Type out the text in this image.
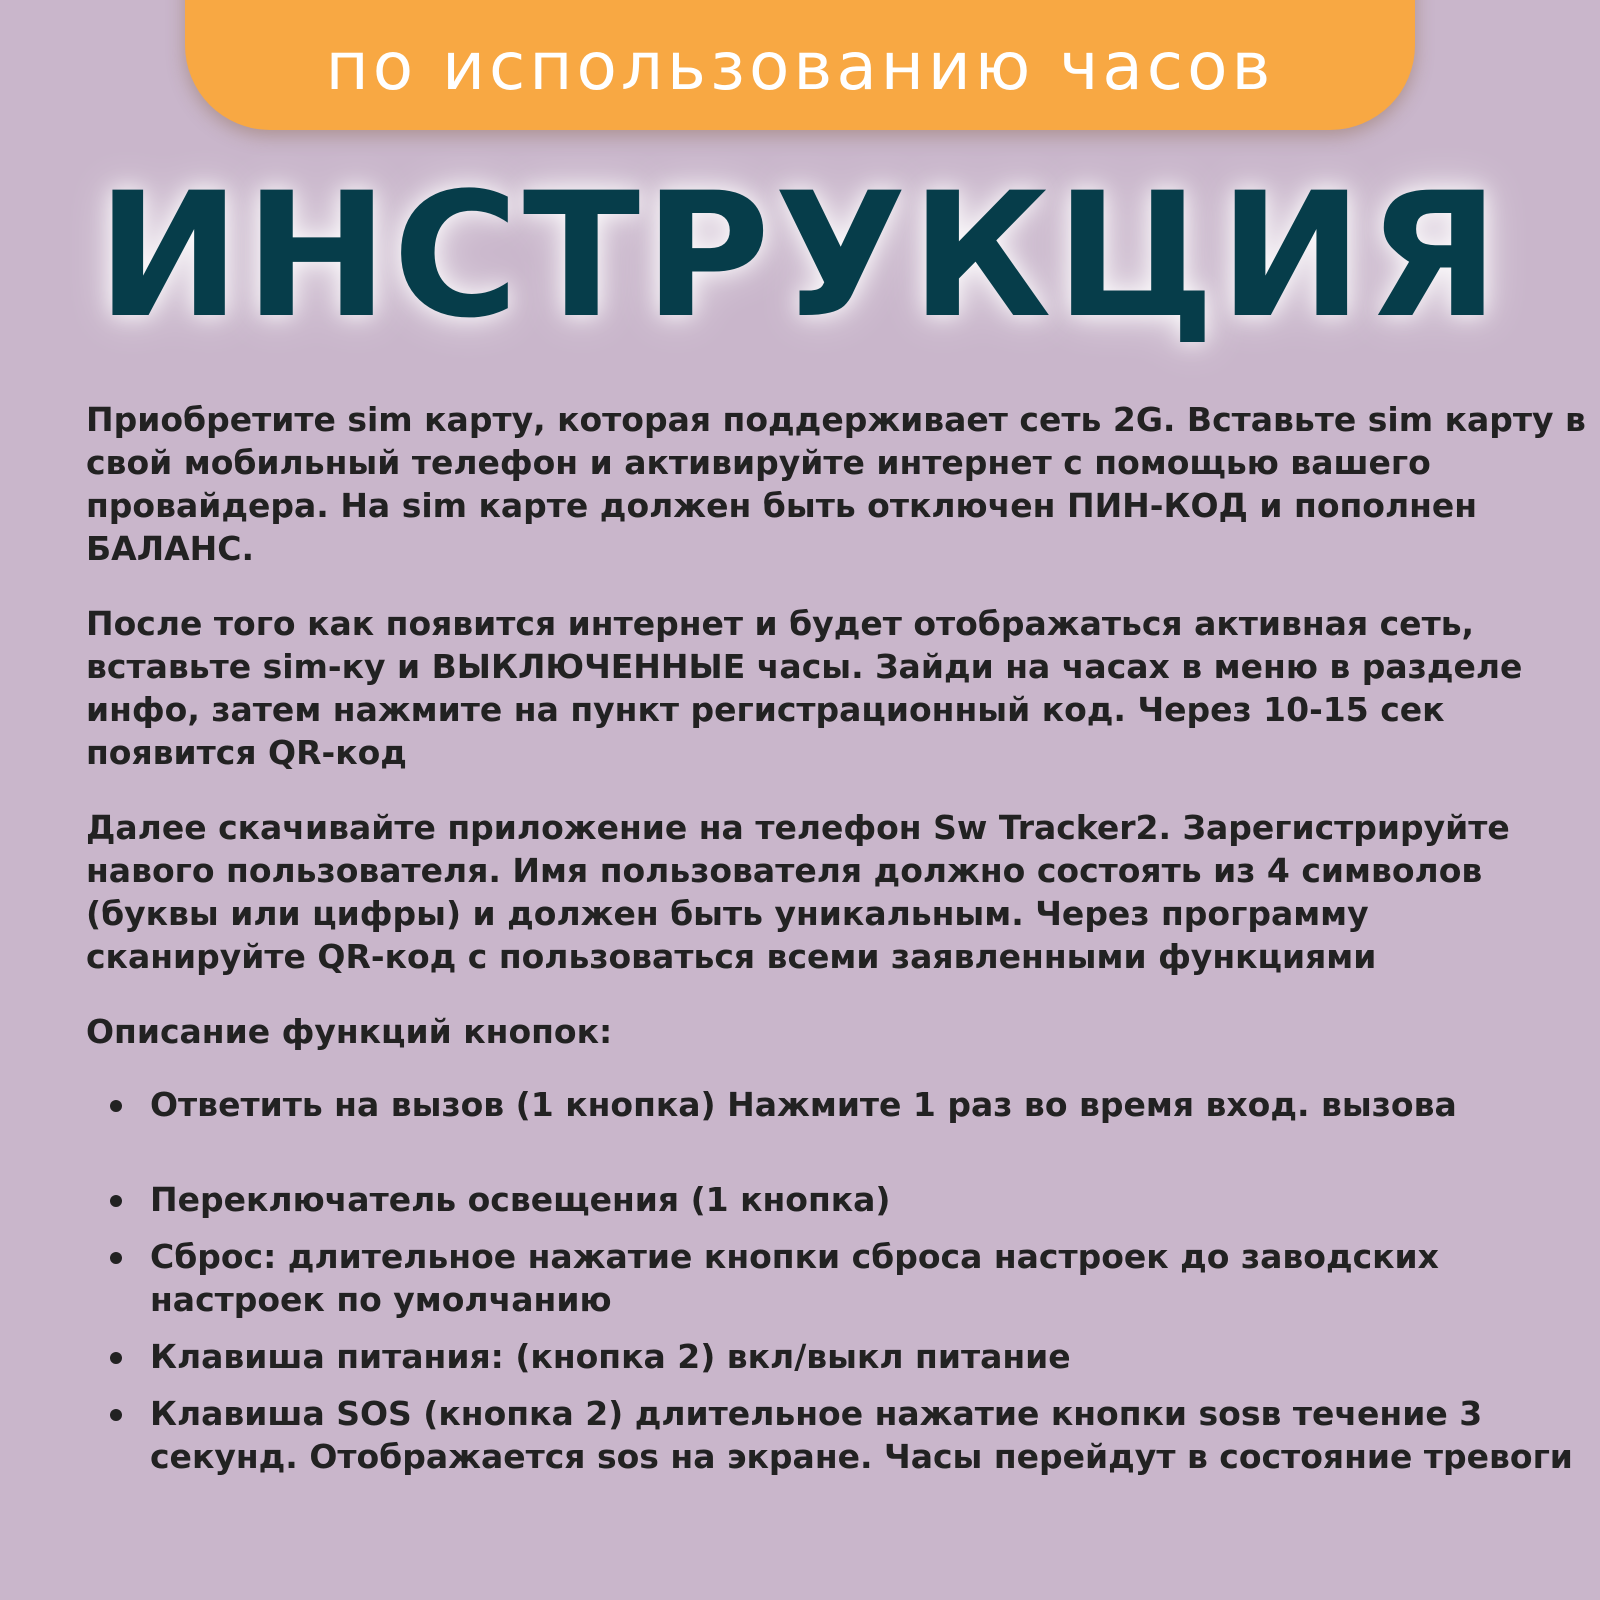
по использованию часов
ИНСТРУКЦИЯ

Приобретите sim карту, которая поддерживает сеть 2G. Вставьте sim карту в свой мобильный телефон и активируйте интернет с помощью вашего провайдера. На sim карте должен быть отключен ПИН-КОД и пополнен БАЛАНС.

После того как появится интернет и будет отображаться активная сеть, вставьте sim-ку и ВЫКЛЮЧЕННЫЕ часы. Зайди на часах в меню в разделе инфо, затем нажмите на пункт регистрационный код. Через 10-15 сек появится QR-код

Далее скачивайте приложение на телефон Sw Tracker2. Зарегистрируйте навого пользователя. Имя пользователя должно состоять из 4 символов (буквы или цифры) и должен быть уникальным. Через программу сканируйте QR-код с пользоваться всеми заявленными функциями

Описание функций кнопок:

Ответить на вызов (1 кнопка) Нажмите 1 раз во время вход. вызова
Переключатель освещения (1 кнопка)
Сброс: длительное нажатие кнопки сброса настроек до заводских настроек по умолчанию
Клавиша питания: (кнопка 2) вкл/выкл питание
Клавиша SOS (кнопка 2) длительное нажатие кнопки sosв течение 3 секунд. Отображается sos на экране. Часы перейдут в состояние тревоги
